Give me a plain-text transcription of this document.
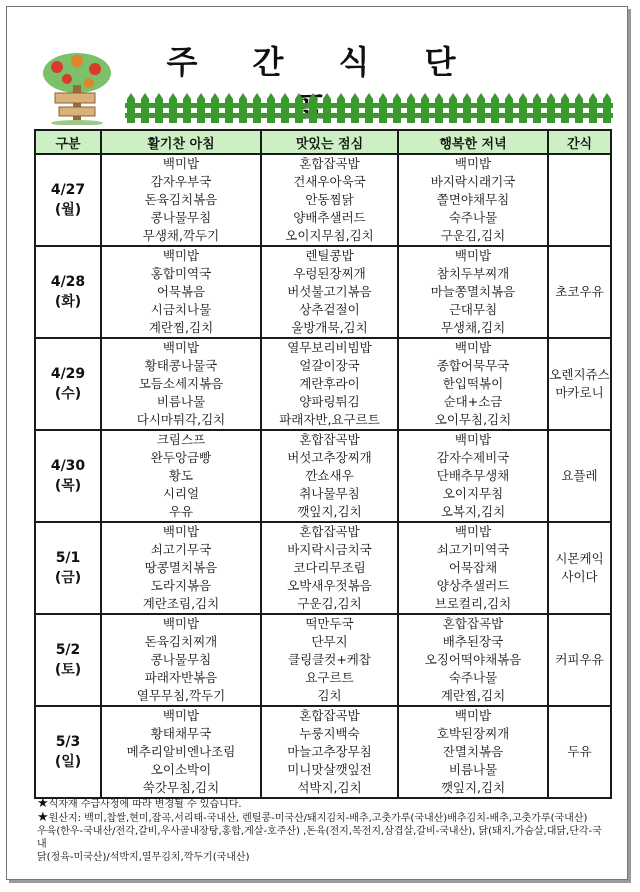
주 간 식 단
구분	활기찬 아침	맛있는 점심	행복한 저녁	간식

4/27
(월)	백미밥
감자우부국
돈육김치볶음
콩나물무침
무생채,깍두기	혼합잡곡밥
건새우아욱국
안동찜닭
양배추샐러드
오이지무침,김치	백미밥
바지락시래기국
쫄면야채무침
숙주나물
구운김,김치	

4/28
(화)	백미밥
홍합미역국
어묵볶음
시금치나물
계란찜,김치	렌틸콩밥
우렁된장찌개
버섯불고기볶음
상추겉절이
울방개묵,김치	백미밥
참치두부찌개
마늘쫑멸치볶음
근대무침
무생채,김치	초코우유

4/29
(수)	백미밥
황태콩나물국
모듬소세지볶음
비름나물
다시마튀각,김치	열무보리비빔밥
얼갈이장국
계란후라이
양파링튀김
파래자반,요구르트	백미밥
종합어묵무국
한입떡볶이
순대+소금
오이무침,김치	오렌지쥬스
마카로니

4/30
(목)	크림스프
완두앙금빵
황도
시리얼
우유	혼합잡곡밥
버섯고추장찌개
깐쇼새우
취나물무침
깻잎지,김치	백미밥
감자수제비국
단배추무생채
오이지무침
오복지,김치	요플레

5/1
(금)	백미밥
쇠고기무국
땅콩멸치볶음
도라지볶음
계란조림,김치	혼합잡곡밥
바지락시금치국
코다리무조림
오박새우젓볶음
구운김,김치	백미밥
쇠고기미역국
어묵잡채
양상추샐러드
브로컬리,김치	시몬케익
사이다

5/2
(토)	백미밥
돈육김치찌개
콩나물무침
파래자반볶음
열무무침,깍두기	떡만두국
단무지
클링클컷+케찹
요구르트
김치	혼합잡곡밥
배추된장국
오징어떡야채볶음
숙주나물
계란찜,김치	커피우유

5/3
(일)	백미밥
황태채무국
메추리알비엔나조림
오이소박이
쑥갓무침,김치	혼합잡곡밥
누룽지백숙
마늘고추장무침
미니맛살깻잎전
석박지,김치	백미밥
호박된장찌개
잔멸치볶음
비름나물
깻잎지,김치	두유
★식자재 수급사정에 따라 변경될 수 있습니다.
★원산지: 백미,찹쌀,현미,잡곡,서리태-국내산, 렌틸콩-미국산/돼지김치-배추,고춧가루(국내산)배추김치-배추,고춧가루(국내산)
우육(한우-국내산/전각,갈비,우사골내장탕,홍합,게살-호주산) ,돈육(전지,목전지,삼겹살,갈비-국내산), 닭(돼지,가슴살,대닭,단각-국내
닭(정육-미국산)/석박지,열무김치,깍두기(국내산)
